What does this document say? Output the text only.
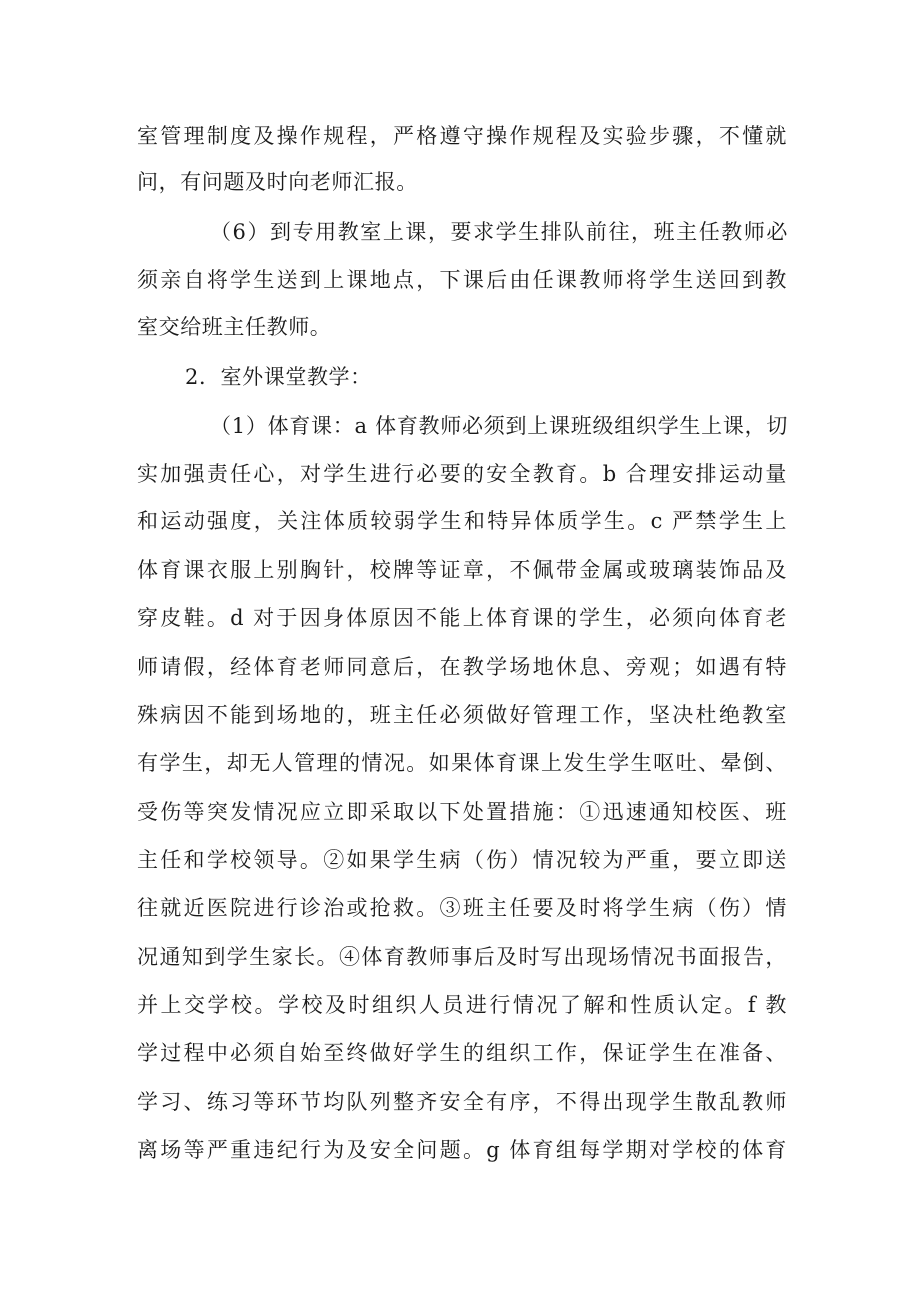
室管理制度及操作规程，严格遵守操作规程及实验步骤，不懂就
问，有问题及时向老师汇报。
（6）到专用教室上课，要求学生排队前往，班主任教师必
须亲自将学生送到上课地点，下课后由任课教师将学生送回到教
室交给班主任教师。
2．室外课堂教学：
（1）体育课：a 体育教师必须到上课班级组织学生上课，切
实加强责任心，对学生进行必要的安全教育。b 合理安排运动量
和运动强度，关注体质较弱学生和特异体质学生。c 严禁学生上
体育课衣服上别胸针，校牌等证章，不佩带金属或玻璃装饰品及
穿皮鞋。d 对于因身体原因不能上体育课的学生，必须向体育老
师请假，经体育老师同意后，在教学场地休息、旁观；如遇有特
殊病因不能到场地的，班主任必须做好管理工作，坚决杜绝教室
有学生，却无人管理的情况。如果体育课上发生学生呕吐、晕倒、
受伤等突发情况应立即采取以下处置措施：①迅速通知校医、班
主任和学校领导。②如果学生病（伤）情况较为严重，要立即送
往就近医院进行诊治或抢救。③班主任要及时将学生病（伤）情
况通知到学生家长。④体育教师事后及时写出现场情况书面报告，
并上交学校。学校及时组织人员进行情况了解和性质认定。f 教
学过程中必须自始至终做好学生的组织工作，保证学生在准备、
学习、练习等环节均队列整齐安全有序，不得出现学生散乱教师
离场等严重违纪行为及安全问题。g 体育组每学期对学校的体育
